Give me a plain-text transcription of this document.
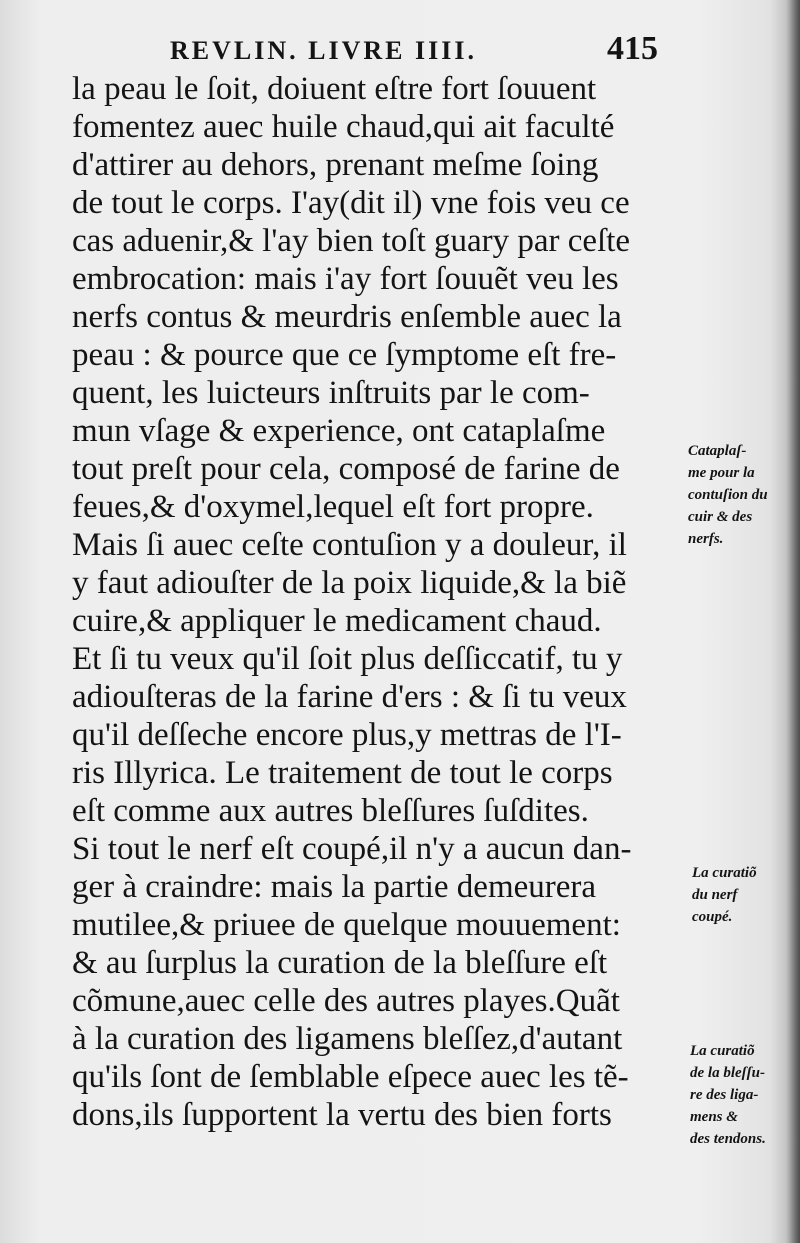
REVLIN. LIVRE IIII.	415
la peau le ſoit, doiuent eſtre fort ſouuent
fomentez auec huile chaud,qui ait faculté
d'attirer au dehors, prenant meſme ſoing
de tout le corps. I'ay(dit il) vne fois veu ce
cas aduenir,& l'ay bien toſt guary par ceſte
embrocation: mais i'ay fort ſouuẽt veu les
nerfs contus & meurdris enſemble auec la
peau : & pource que ce ſymptome eſt fre-
quent, les luicteurs inſtruits par le com-
mun vſage & experience, ont cataplaſme
tout preſt pour cela, composé de farine de
feues,& d'oxymel,lequel eſt fort propre.
Mais ſi auec ceſte contuſion y a douleur, il
y faut adiouſter de la poix liquide,& la biẽ
cuire,& appliquer le medicament chaud.
Et ſi tu veux qu'il ſoit plus deſſiccatif, tu y
adiouſteras de la farine d'ers : & ſi tu veux
qu'il deſſeche encore plus,y mettras de l'I-
ris Illyrica. Le traitement de tout le corps
eſt comme aux autres bleſſures ſuſdites.
Si tout le nerf eſt coupé,il n'y a aucun dan-
ger à craindre: mais la partie demeurera
mutilee,& priuee de quelque mouuement:
& au ſurplus la curation de la bleſſure eſt
cõmune,auec celle des autres playes.Quãt
à la curation des ligamens bleſſez,d'autant
qu'ils ſont de ſemblable eſpece auec les tẽ-
dons,ils ſupportent la vertu des bien forts
Cataplaſ-
me pour la
contuſion du
cuir & des
nerfs.
La curatiõ
du nerf
coupé.
La curatiõ
de la bleſſu-
re des liga-
mens &
des tendons.
